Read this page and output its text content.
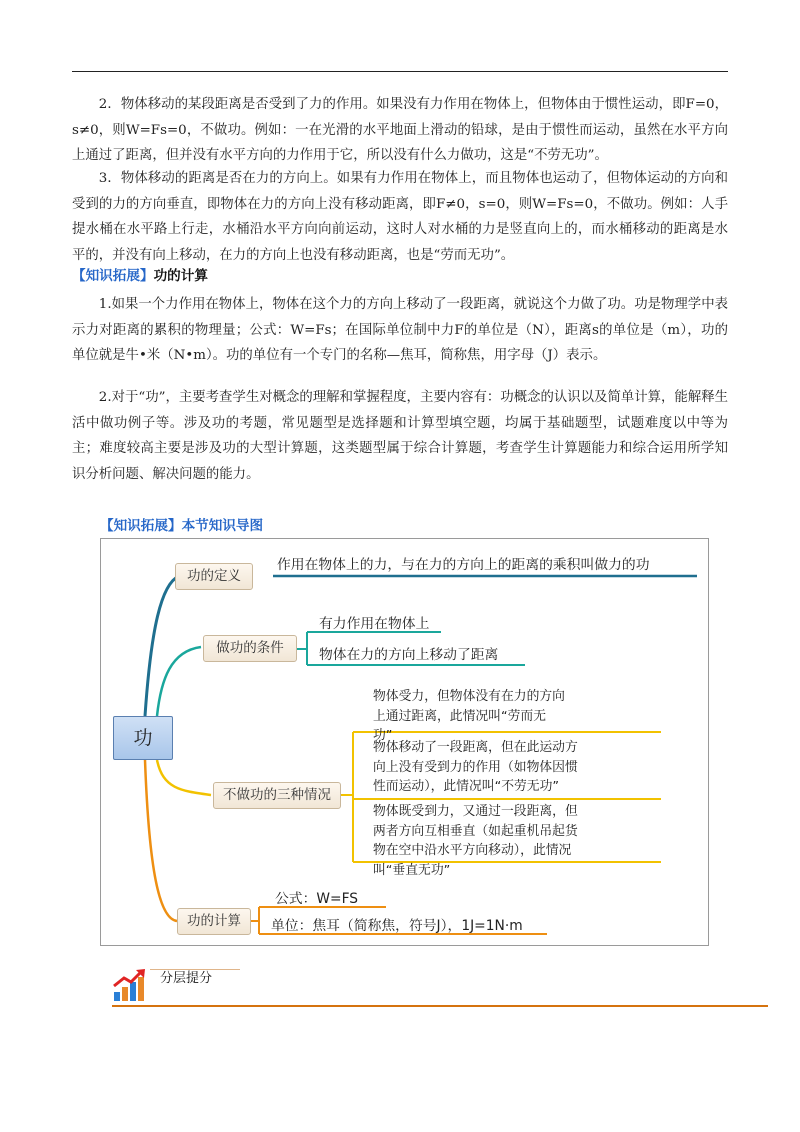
2．物体移动的某段距离是否受到了力的作用。如果没有力作用在物体上，但物体由于惯性运动，即F=0，s≠0，则W=Fs=0，不做功。例如：一在光滑的水平地面上滑动的铅球，是由于惯性而运动，虽然在水平方向上通过了距离，但并没有水平方向的力作用于它，所以没有什么力做功，这是“不劳无功”。

3．物体移动的距离是否在力的方向上。如果有力作用在物体上，而且物体也运动了，但物体运动的方向和受到的力的方向垂直，即物体在力的方向上没有移动距离，即F≠0，s=0，则W=Fs=0，不做功。例如：人手提水桶在水平路上行走，水桶沿水平方向向前运动，这时人对水桶的力是竖直向上的，而水桶移动的距离是水平的，并没有向上移动，在力的方向上也没有移动距离，也是“劳而无功”。

【知识拓展】功的计算

1.如果一个力作用在物体上，物体在这个力的方向上移动了一段距离，就说这个力做了功。功是物理学中表示力对距离的累积的物理量；公式：W=Fs；在国际单位制中力F的单位是（N），距离s的单位是（m），功的单位就是牛•米（N•m）。功的单位有一个专门的名称—焦耳，简称焦，用字母（J）表示。

2.对于“功”，主要考查学生对概念的理解和掌握程度，主要内容有：功概念的认识以及简单计算，能解释生活中做功例子等。涉及功的考题，常见题型是选择题和计算型填空题，均属于基础题型，试题难度以中等为主；难度较高主要是涉及功的大型计算题，这类题型属于综合计算题，考查学生计算题能力和综合运用所学知识分析问题、解决问题的能力。

【知识拓展】本节知识导图
功
功的定义
作用在物体上的力，与在力的方向上的距离的乘积叫做力的功
做功的条件
有力作用在物体上
物体在力的方向上移动了距离
不做功的三种情况
物体受力，但物体没有在力的方向上通过距离，此情况叫“劳而无功”
物体移动了一段距离，但在此运动方向上没有受到力的作用（如物体因惯性而运动），此情况叫“不劳无功”
物体既受到力，又通过一段距离，但两者方向互相垂直（如起重机吊起货物在空中沿水平方向移动），此情况叫“垂直无功”
功的计算
公式：W=FS
单位：焦耳（简称焦，符号J），1J=1N·m
分层提分
